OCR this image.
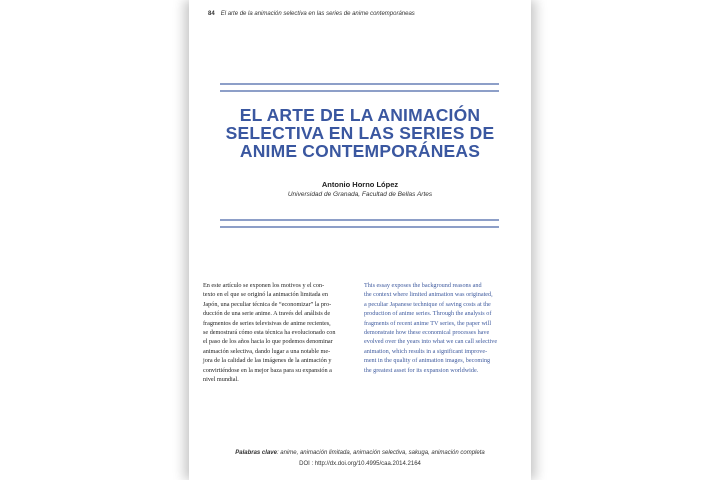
84 El arte de la animación selectiva en las series de anime contemporáneas
EL ARTE DE LA ANIMACIÓN
SELECTIVA EN LAS SERIES DE
ANIME CONTEMPORÁNEAS
Antonio Horno López
Universidad de Granada, Facultad de Bellas Artes
En este artículo se exponen los motivos y el con-
texto en el que se originó la animación limitada en
Japón, una peculiar técnica de “economizar” la pro-
ducción de una serie anime. A través del análisis de
fragmentos de series televisivas de anime recientes,
se demostrará cómo esta técnica ha evolucionado con
el paso de los años hacia lo que podemos denominar
animación selectiva, dando lugar a una notable me-
jora de la calidad de las imágenes de la animación y
convirtiéndose en la mejor baza para su expansión a
nivel mundial.
This essay exposes the background reasons and
the context where limited animation was originated,
a peculiar Japanese technique of saving costs at the
production of anime series. Through the analysis of
fragments of recent anime TV series, the paper will
demonstrate how these economical processes have
evolved over the years into what we can call selective
animation, which results in a significant improve-
ment in the quality of animation images, becoming
the greatest asset for its expansion worldwide.
Palabras clave: anime, animación limitada, animación selectiva, sakuga, animación completa
DOI : http://dx.doi.org/10.4995/caa.2014.2164
